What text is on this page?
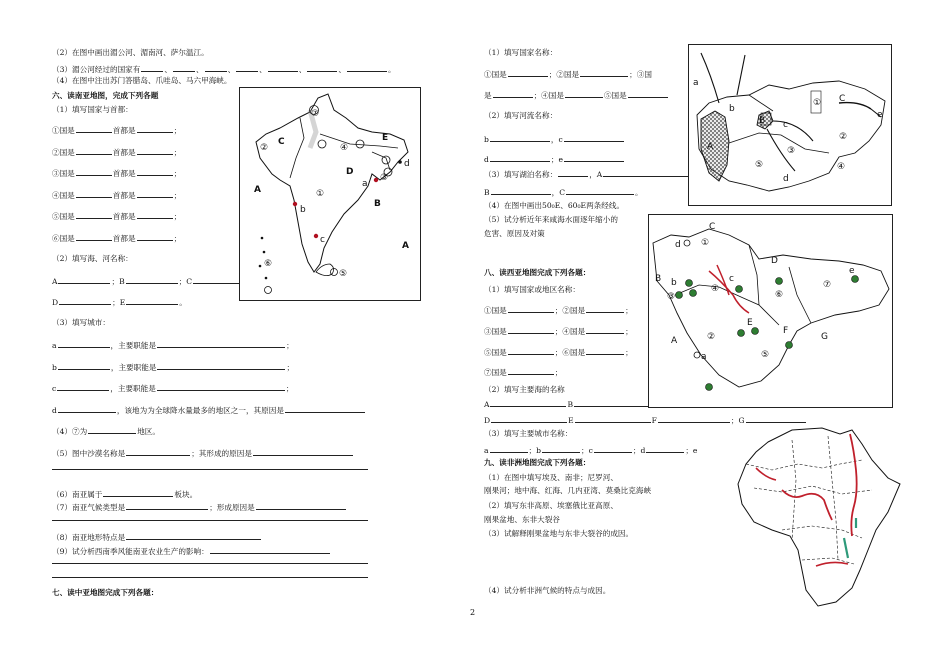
（2）在图中画出湄公河、湄南河、萨尔温江。
（3）湄公河经过的国家有	、	、	、	、	、	、	。
（4）在图中注出苏门答腊岛、爪哇岛、马六甲海峡。
六、读南亚地图，完成下列各题
（1）填写国家与首都：
①国是	首都是	；
②国是	首都是	；
③国是	首都是	；
④国是	首都是	；
⑤国是	首都是	；
⑥国是	首都是	；
（2）填写海、河名称：
A	；B	；C
D	；E	。
（3）填写城市：
a	，主要职能是	；
b	，主要职能是	；
c	，主要职能是	；
d	，该地为为全球降水量最多的地区之一，其原因是
（4）⑦为	地区。
（5）图中沙漠名称是	；其形成的原因是
（6）南亚属于	板块。
（7）南亚气候类型是	；形成原因是
（8）南亚地形特点是
（9）试分析西南季风能南亚农业生产的影响：
七、读中亚地图完成下列各题：
⑦
C
②	④
E
D
①
a
③
d
A
B
b
c
⑥
⑤
A
（1）填写国家名称：
①国是	；②国是	；③国
是	；④国是	⑤国是
（2）填写河流名称：
b	，c
d	；e
（3）填写湖泊名称：	，A
B	，C	。
（4）在图中画出50₀E、60₀E两条经线。
（5）试分析近年来咸海水面逐年缩小的
危害、原因及对策
a
b
c
d
e
A
B
C
①
②
③
④
⑤
八、读西亚地图完成下列各题：
（1）填写国家或地区名称：
①国是	；②国是	；
③国是	；④国是	；
⑤国是	；⑥国是	；
⑦国是	；
（2）填写主要海的名称
A	B
D	E	F	；G
（3）填写主要城市名称：
a	；b	；c	；d	；e
C
d ①
B b
③
c
④
D
⑥
e
⑦
E
F
G
②
⑤
A
a
九、读非洲地图完成下列各题：
（1）在图中填写埃及、南非；尼罗河、
刚果河；地中海、红海、几内亚湾、莫桑比克海峡
（2）填写东非高原、埃塞俄比亚高原、
刚果盆地、东非大裂谷
（3）试解释刚果盆地与东非大裂谷的成因。
（4）试分析非洲气候的特点与成因。
2
